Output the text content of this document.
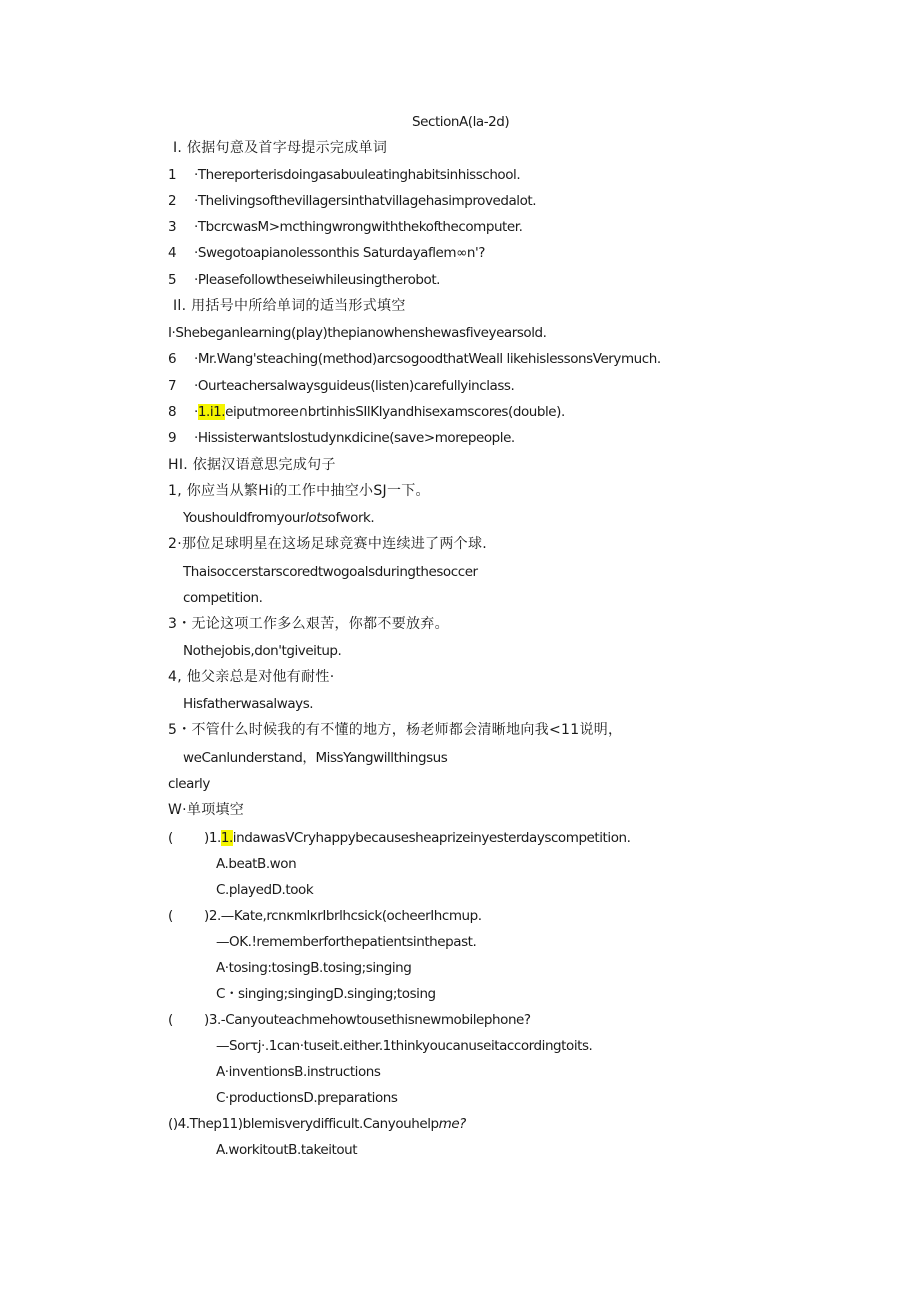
SectionA(la-2d)
I. 依据句意及首字母提示完成单词
1 ·Thereporterisdoingasabυuleatinghabitsinhisschool.
2 ·Thelivingsofthevillagersinthatvillagehasimprovedalot.
3 ·TbcrcwasM>mcthingwrongwiththekofthecomputer.
4 ·Swegotoapianolessonthis Saturdayaflem∞n'?
5 ·Pleasefollowtheseiwhileusingtherobot.
Il. 用括号中所给单词的适当形式填空
I·Shebeganlearning(play)thepianowhenshewasfiveyearsold.
6 ·Mr.Wang'steaching(method)arcsogoodthatWeall likehislessonsVerymuch.
7 ·Ourteachersalwaysguideus(listen)carefullyinclass.
8 ·1.i1.eiputmoree∩brtinhisSIlKIyandhisexamscores(double).
9 ·Hissisterwantslostudynκdicine(save>morepeople.
HI. 依据汉语意思完成句子
1, 你应当从繁Hi的工作中抽空小SJ一下。
Youshouldfromyourlotsofwork.
2·那位足球明星在这场足球竞赛中连续进了两个球.
Thaisoccerstarscoredtwogoalsduringthesoccer
competition.
3・无论这项工作多么艰苦，你都不要放弃。
Nothejobis,don'tgiveitup.
4, 他父亲总是对他有耐性·
Hisfatherwasalways.
5・不管什么时候我的有不懂的地方，杨老师都会清晰地向我<11说明，
weCanlunderstand，MissYangwillthingsus
clearly
W·单项填空
( )1.1.indawasVCryhappybecausesheaprizeinyesterdayscompetition.
A.beatB.won
C.playedD.took
( )2.—Kate,rcnκmlκrIbrlhcsick(ocheerIhcmup.
—OK.!rememberforthepatientsinthepast.
A·tosing:tosingB.tosing;singing
C・singing;singingD.singing;tosing
( )3.-Canyouteachmehowtousethisnewmobilephone?
—Sorτj·.1can·tuseit.either.1thinkyoucanuseitaccordingtoits.
A·inventionsB.instructions
C·productionsD.preparations
()4.Thep11)blemisverydifficult.Canyouhelpme?
A.workitoutB.takeitout
